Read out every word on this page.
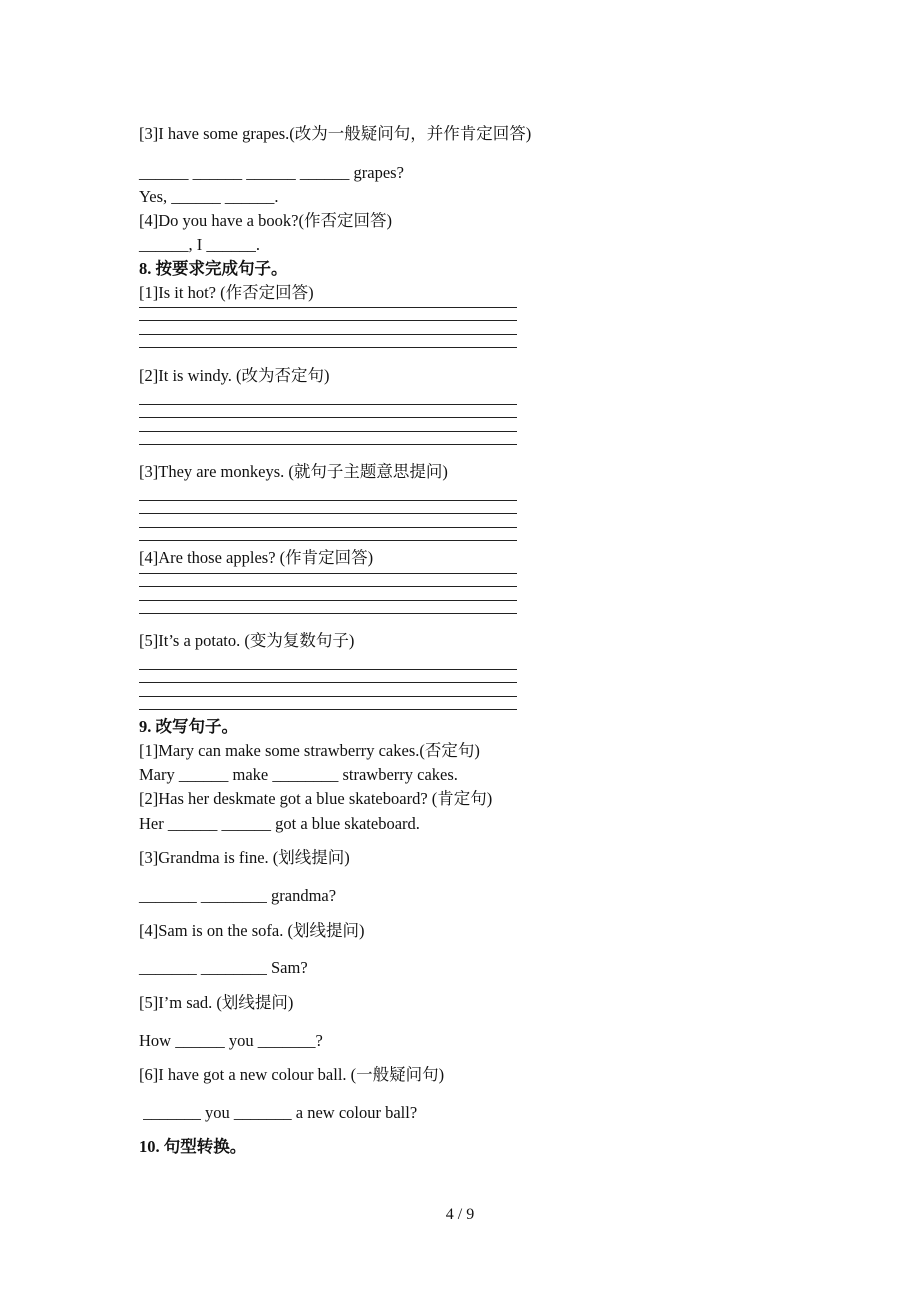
[3]I have some grapes.(改为一般疑问句，并作肯定回答)
______ ______ ______ ______ grapes?
Yes, ______ ______.
[4]Do you have a book?(作否定回答)
______, I ______.
8. 按要求完成句子。
[1]Is it hot? (作否定回答)
[2]It is windy. (改为否定句)
[3]They are monkeys. (就句子主题意思提问)
[4]Are those apples? (作肯定回答)
[5]It’s a potato. (变为复数句子)
9. 改写句子。
[1]Mary can make some strawberry cakes.(否定句)
Mary ______ make ________ strawberry cakes.
[2]Has her deskmate got a blue skateboard? (肯定句)
Her ______ ______ got a blue skateboard.
[3]Grandma is fine. (划线提问)
_______ ________ grandma?
[4]Sam is on the sofa. (划线提问)
_______ ________ Sam?
[5]I’m sad. (划线提问)
How ______ you _______?
[6]I have got a new colour ball. (一般疑问句)
_______ you _______ a new colour ball?
10. 句型转换。
4 / 9
